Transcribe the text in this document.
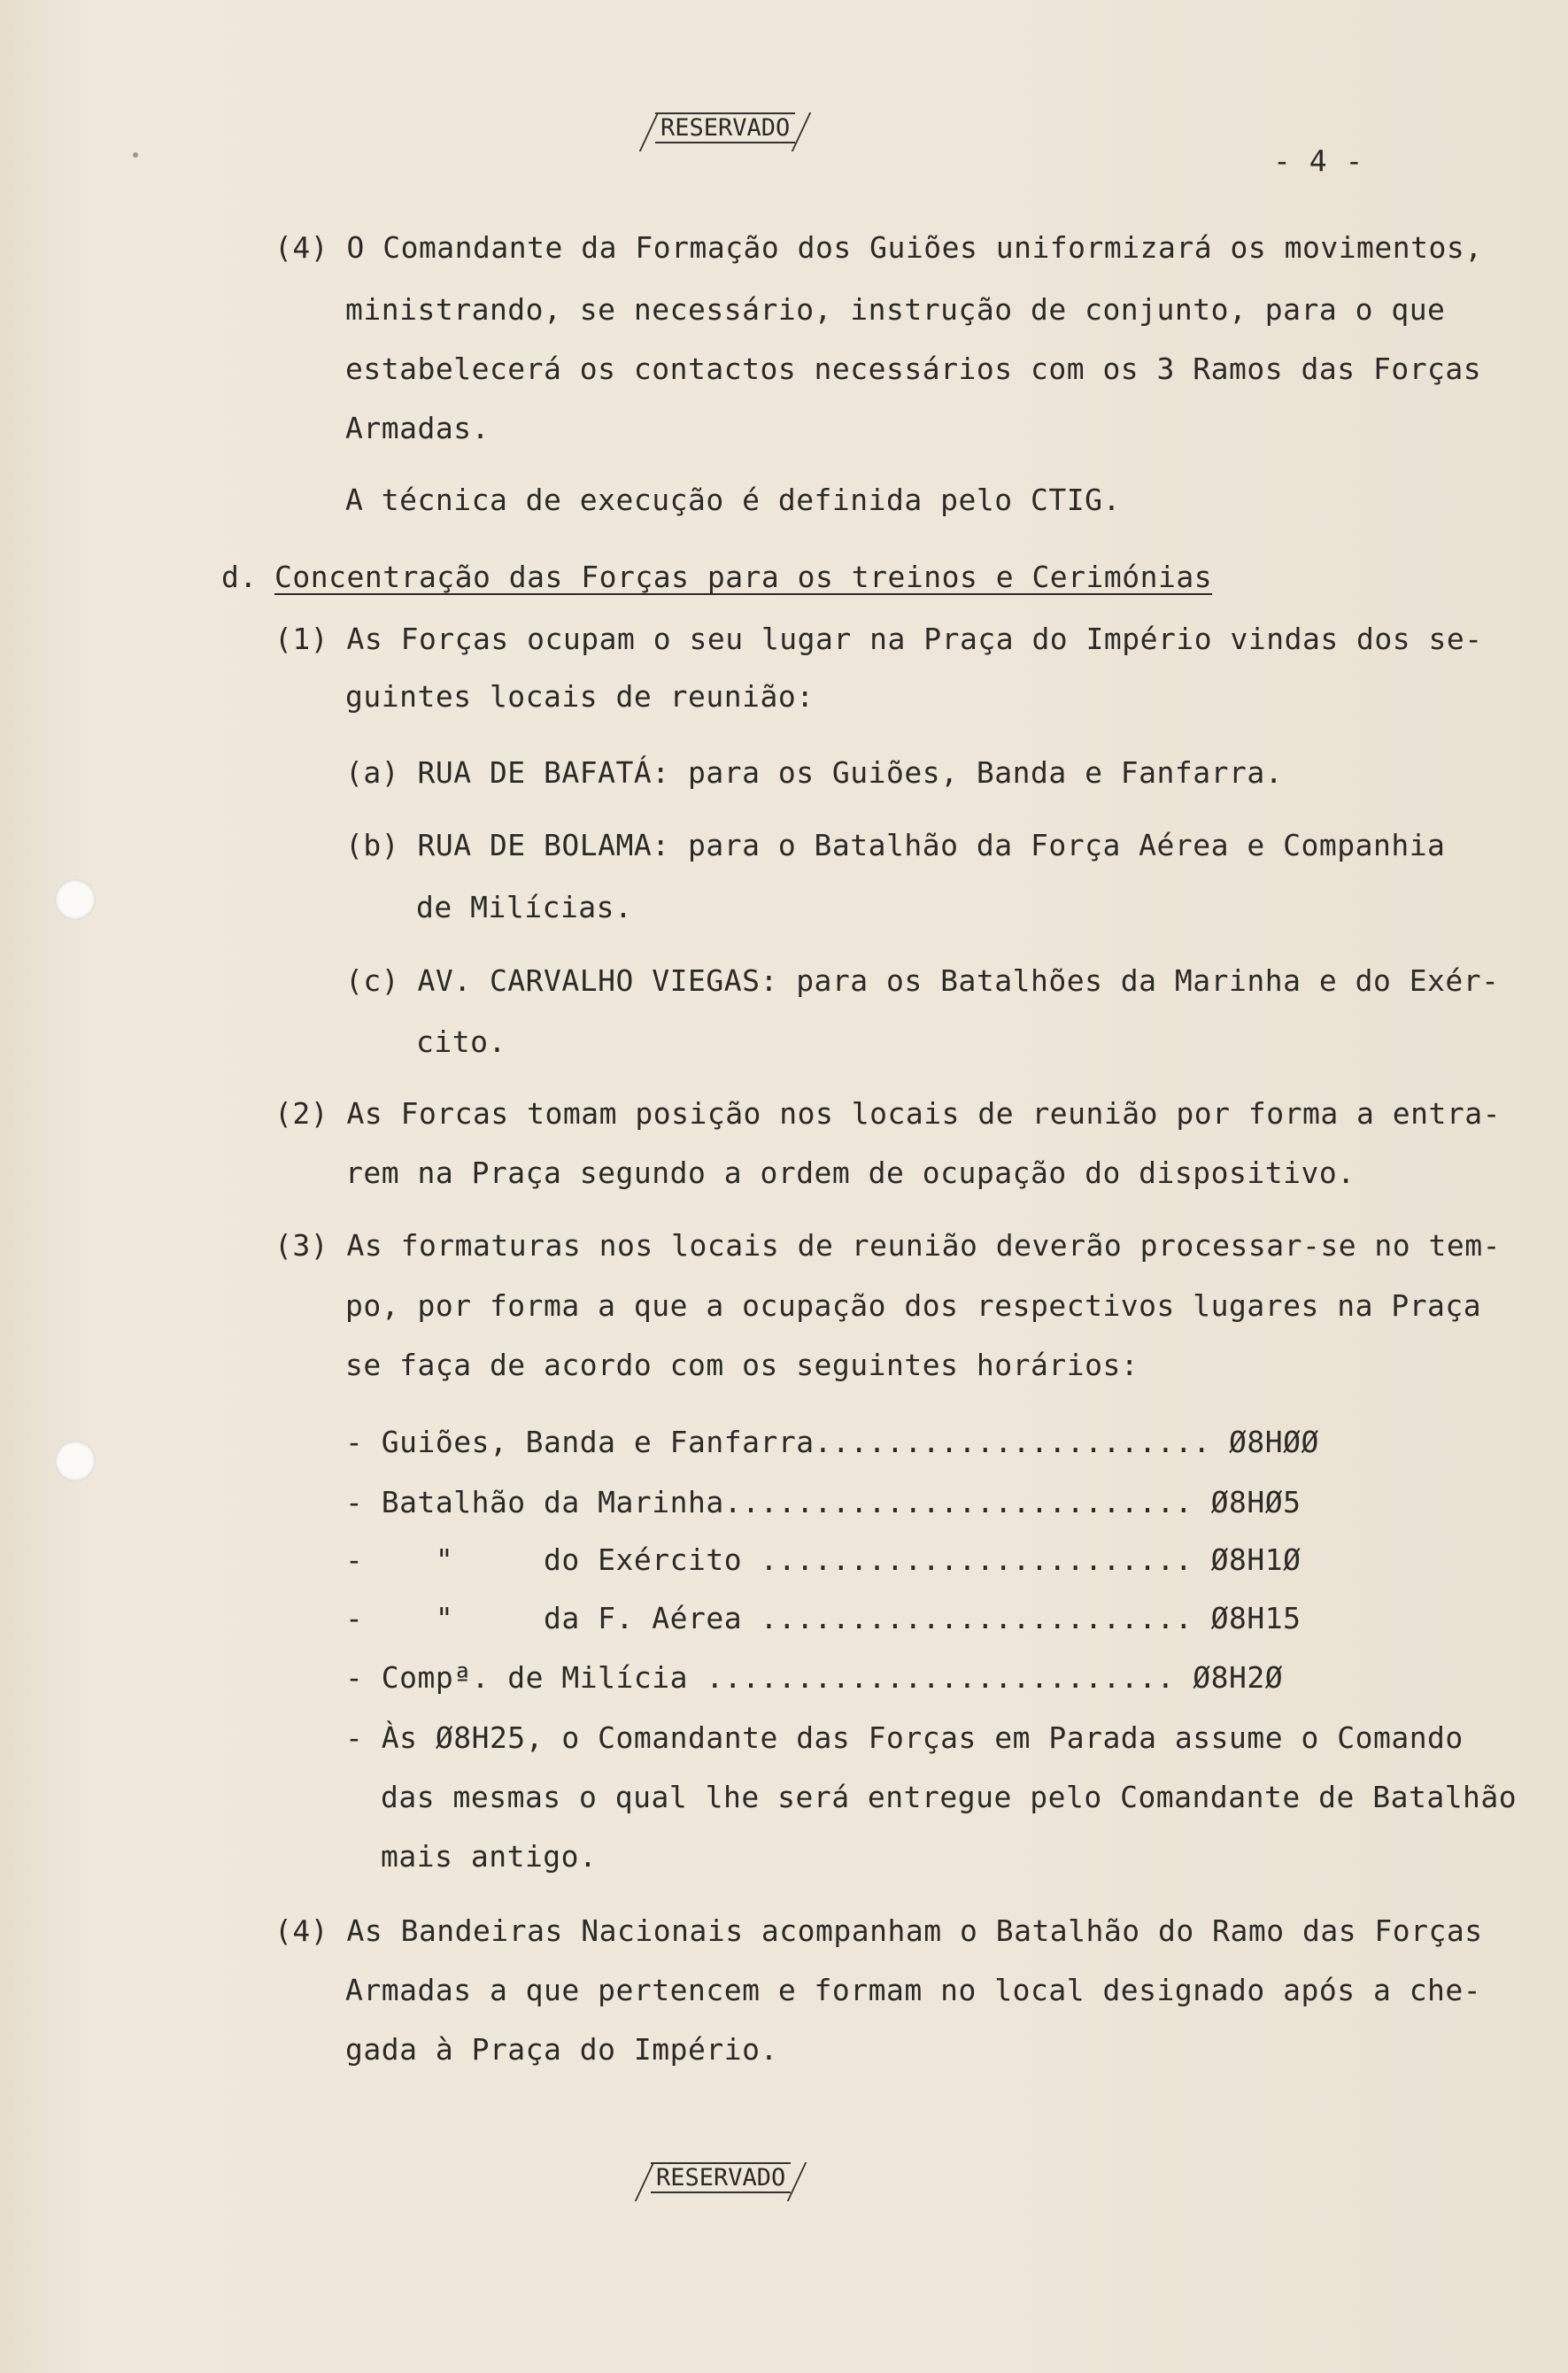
RESERVADO
- 4 -
(4) O Comandante da Formação dos Guiões uniformizará os movimentos,
ministrando, se necessário, instrução de conjunto, para o que
estabelecerá os contactos necessários com os 3 Ramos das Forças
Armadas.
A técnica de execução é definida pelo CTIG.
d. Concentração das Forças para os treinos e Cerimónias
(1) As Forças ocupam o seu lugar na Praça do Império vindas dos se-
guintes locais de reunião:
(a) RUA DE BAFATÁ: para os Guiões, Banda e Fanfarra.
(b) RUA DE BOLAMA: para o Batalhão da Força Aérea e Companhia
de Milícias.
(c) AV. CARVALHO VIEGAS: para os Batalhões da Marinha e do Exér-
cito.
(2) As Forcas tomam posição nos locais de reunião por forma a entra-
rem na Praça segundo a ordem de ocupação do dispositivo.
(3) As formaturas nos locais de reunião deverão processar-se no tem-
po, por forma a que a ocupação dos respectivos lugares na Praça
se faça de acordo com os seguintes horários:
- Guiões, Banda e Fanfarra...................... Ø8HØØ
- Batalhão da Marinha.......................... Ø8HØ5
-    "     do Exército ........................ Ø8H1Ø
-    "     da F. Aérea ........................ Ø8H15
- Compª. de Milícia .......................... Ø8H2Ø
- Às Ø8H25, o Comandante das Forças em Parada assume o Comando
das mesmas o qual lhe será entregue pelo Comandante de Batalhão
mais antigo.
(4) As Bandeiras Nacionais acompanham o Batalhão do Ramo das Forças
Armadas a que pertencem e formam no local designado após a che-
gada à Praça do Império.
RESERVADO
